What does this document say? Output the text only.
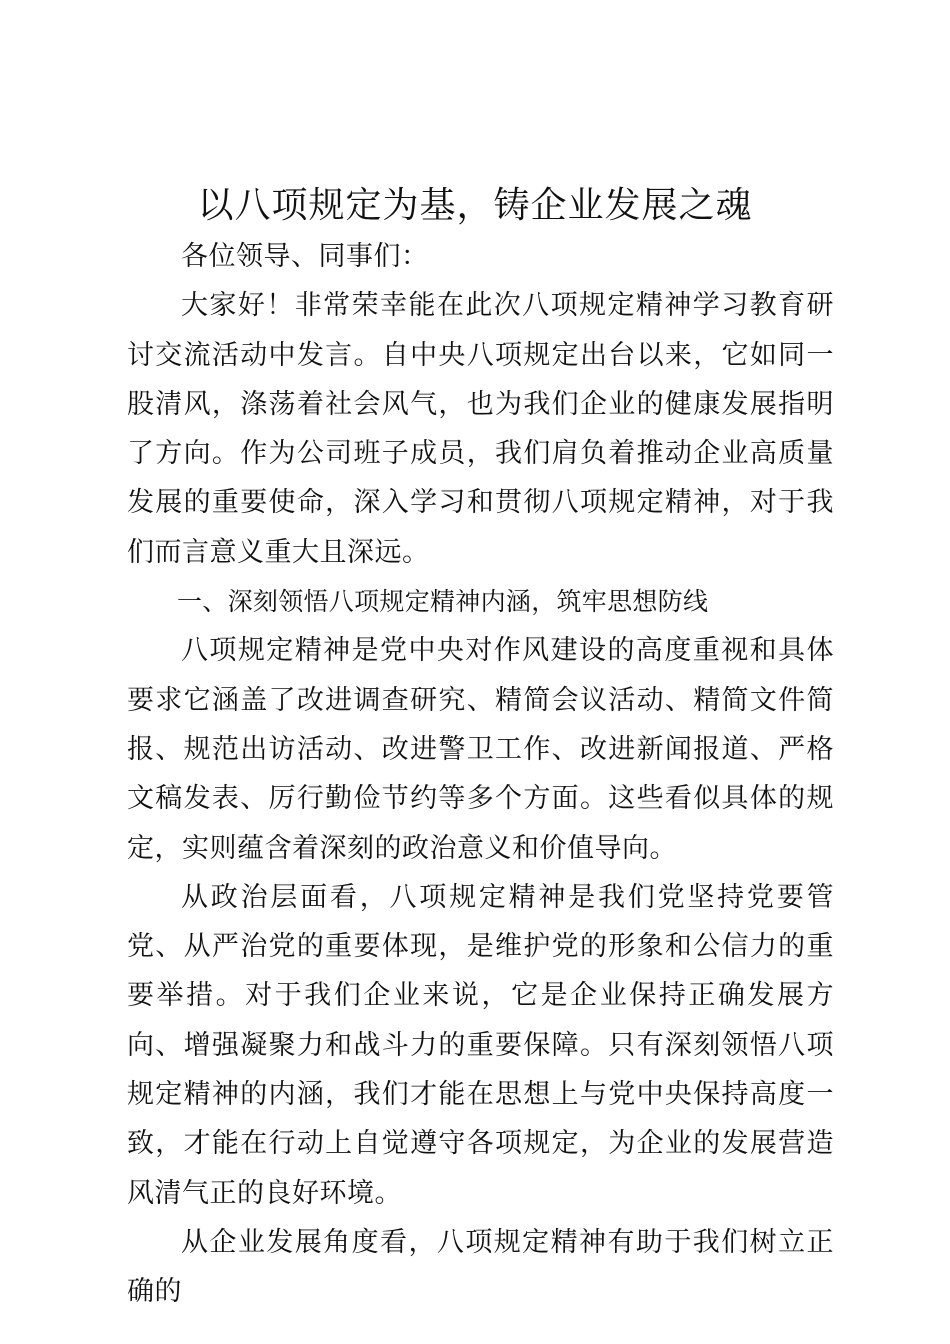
以八项规定为基，铸企业发展之魂

各位领导、同事们：

大家好！非常荣幸能在此次八项规定精神学习教育研讨交流活动中发言。自中央八项规定出台以来，它如同一股清风，涤荡着社会风气，也为我们企业的健康发展指明了方向。作为公司班子成员，我们肩负着推动企业高质量发展的重要使命，深入学习和贯彻八项规定精神，对于我们而言意义重大且深远。

一、深刻领悟八项规定精神内涵，筑牢思想防线

八项规定精神是党中央对作风建设的高度重视和具体要求它涵盖了改进调查研究、精简会议活动、精简文件简报、规范出访活动、改进警卫工作、改进新闻报道、严格文稿发表、厉行勤俭节约等多个方面。这些看似具体的规定，实则蕴含着深刻的政治意义和价值导向。

从政治层面看，八项规定精神是我们党坚持党要管党、从严治党的重要体现，是维护党的形象和公信力的重要举措。对于我们企业来说，它是企业保持正确发展方向、增强凝聚力和战斗力的重要保障。只有深刻领悟八项规定精神的内涵，我们才能在思想上与党中央保持高度一致，才能在行动上自觉遵守各项规定，为企业的发展营造风清气正的良好环境。

从企业发展角度看，八项规定精神有助于我们树立正确的
